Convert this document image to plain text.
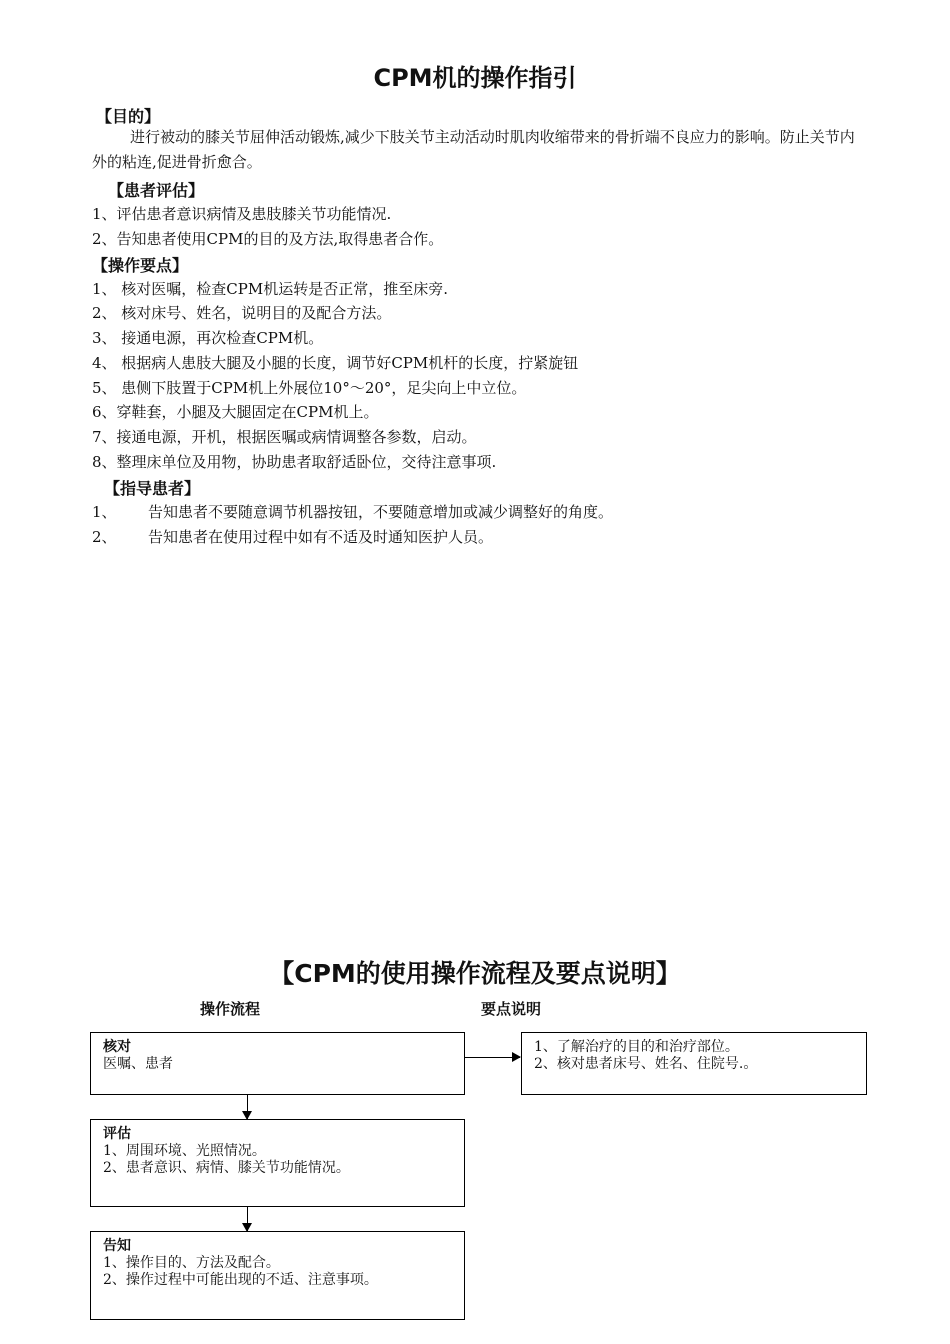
CPM机的操作指引
【目的】
进行被动的膝关节屈伸活动锻炼,减少下肢关节主动活动时肌肉收缩带来的骨折端不良应力的影响。防止关节内外的粘连,促进骨折愈合。
【患者评估】
1、评估患者意识病情及患肢膝关节功能情况.
2、告知患者使用CPM的目的及方法,取得患者合作。
【操作要点】
1、 核对医嘱，检查CPM机运转是否正常，推至床旁.
2、 核对床号、姓名，说明目的及配合方法。
3、 接通电源，再次检查CPM机。
4、 根据病人患肢大腿及小腿的长度，调节好CPM机杆的长度，拧紧旋钮
5、 患侧下肢置于CPM机上外展位10°～20°，足尖向上中立位。
6、穿鞋套，小腿及大腿固定在CPM机上。
7、接通电源，开机，根据医嘱或病情调整各参数，启动。
8、整理床单位及用物，协助患者取舒适卧位，交待注意事项.
【指导患者】
1、 告知患者不要随意调节机器按钮，不要随意增加或减少调整好的角度。
2、 告知患者在使用过程中如有不适及时通知医护人员。
【CPM的使用操作流程及要点说明】
操作流程	要点说明
核对
医嘱、患者
1、了解治疗的目的和治疗部位。
2、核对患者床号、姓名、住院号.。
评估
1、周围环境、光照情况。
2、患者意识、病情、膝关节功能情况。
告知
1、操作目的、方法及配合。
2、操作过程中可能出现的不适、注意事项。
